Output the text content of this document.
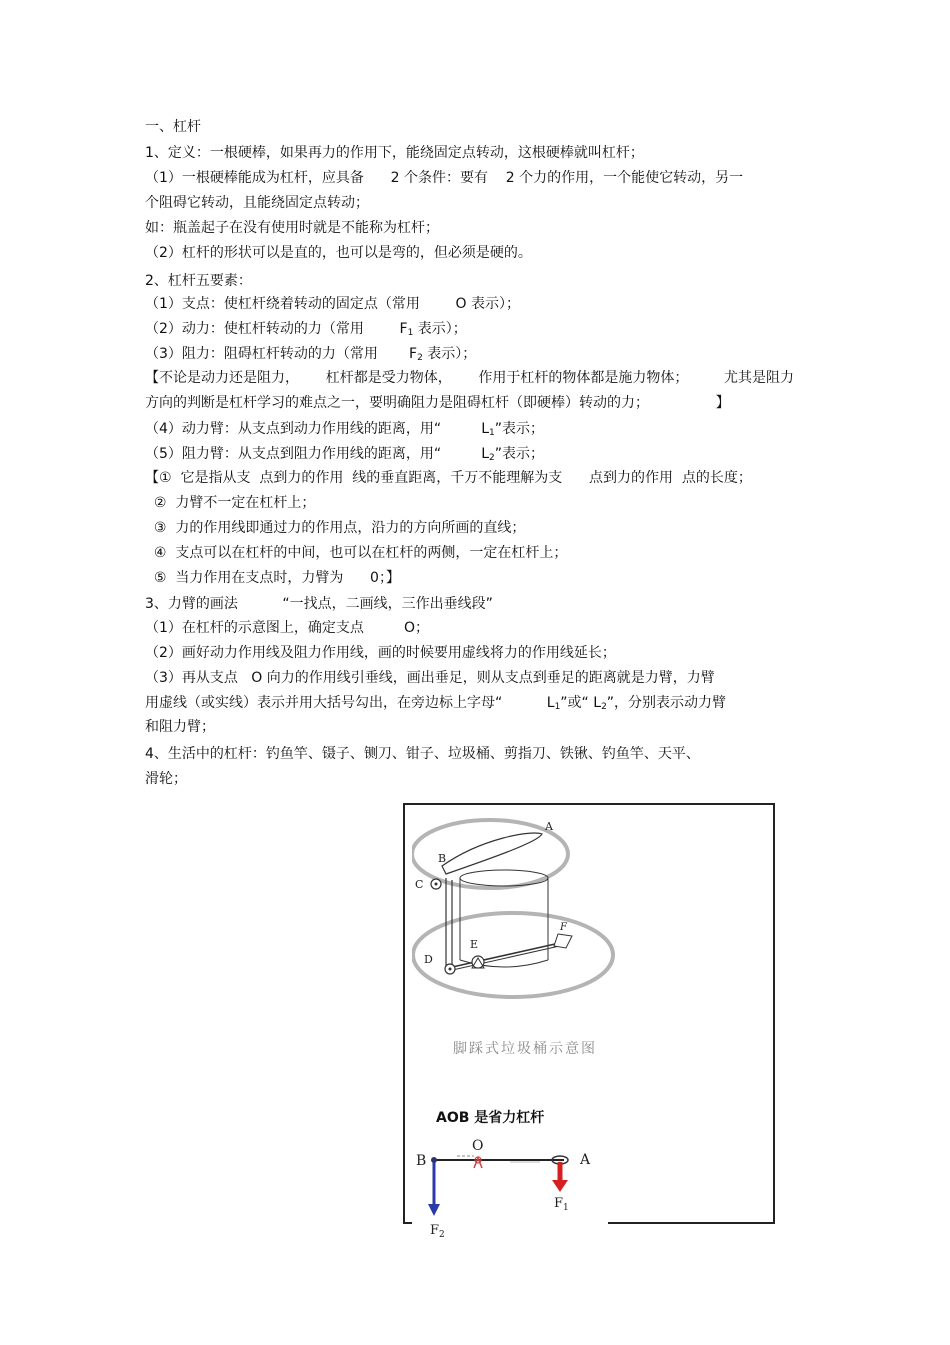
一、杠杆
1、定义：一根硬棒，如果再力的作用下，能绕固定点转动，这根硬棒就叫杠杆；
（1）一根硬棒能成为杠杆，应具备      2 个条件：要有    2 个力的作用，一个能使它转动，另一
个阻碍它转动，且能绕固定点转动；
如：瓶盖起子在没有使用时就是不能称为杠杆；
（2）杠杆的形状可以是直的，也可以是弯的，但必须是硬的。
2、杠杆五要素：
（1）支点：使杠杆绕着转动的固定点（常用        O 表示）；
（2）动力：使杠杆转动的力（常用        $F_1$ 表示）；
（3）阻力：阻碍杠杆转动的力（常用       $F_2$ 表示）；
【不论是动力还是阻力，      杠杆都是受力物体，      作用于杠杆的物体都是施力物体；        尤其是阻力
方向的判断是杠杆学习的难点之一，要明确阻力是阻碍杠杆（即硬棒）转动的力；               】
（4）动力臂：从支点到动力作用线的距离，用“         $L_1$”表示；
（5）阻力臂：从支点到阻力作用线的距离，用“         $L_2$”表示；
【①  它是指从支  点到力的作用  线的垂直距离，千万不能理解为支      点到力的作用  点的长度；
②  力臂不一定在杠杆上；
③  力的作用线即通过力的作用点，沿力的方向所画的直线；
④  支点可以在杠杆的中间，也可以在杠杆的两侧，一定在杠杆上；
⑤  当力作用在支点时，力臂为      0；】
3、力臂的画法          “一找点，二画线，三作出垂线段”
（1）在杠杆的示意图上，确定支点         O；
（2）画好动力作用线及阻力作用线，画的时候要用虚线将力的作用线延长；
（3）再从支点   O 向力的作用线引垂线，画出垂足，则从支点到垂足的距离就是力臂，力臂
用虚线（或实线）表示并用大括号勾出，在旁边标上字母“          $L_1$”或“ $L_2$”，分别表示动力臂
和阻力臂；
4、生活中的杠杆：钓鱼竿、镊子、铡刀、钳子、垃圾桶、剪指刀、铁锹、钓鱼竿、天平、
滑轮；
A
B
C
D
E
F
脚踩式垃圾桶示意图
AOB 是省力杠杆
B
O
A
$F_1$
$F_2$
